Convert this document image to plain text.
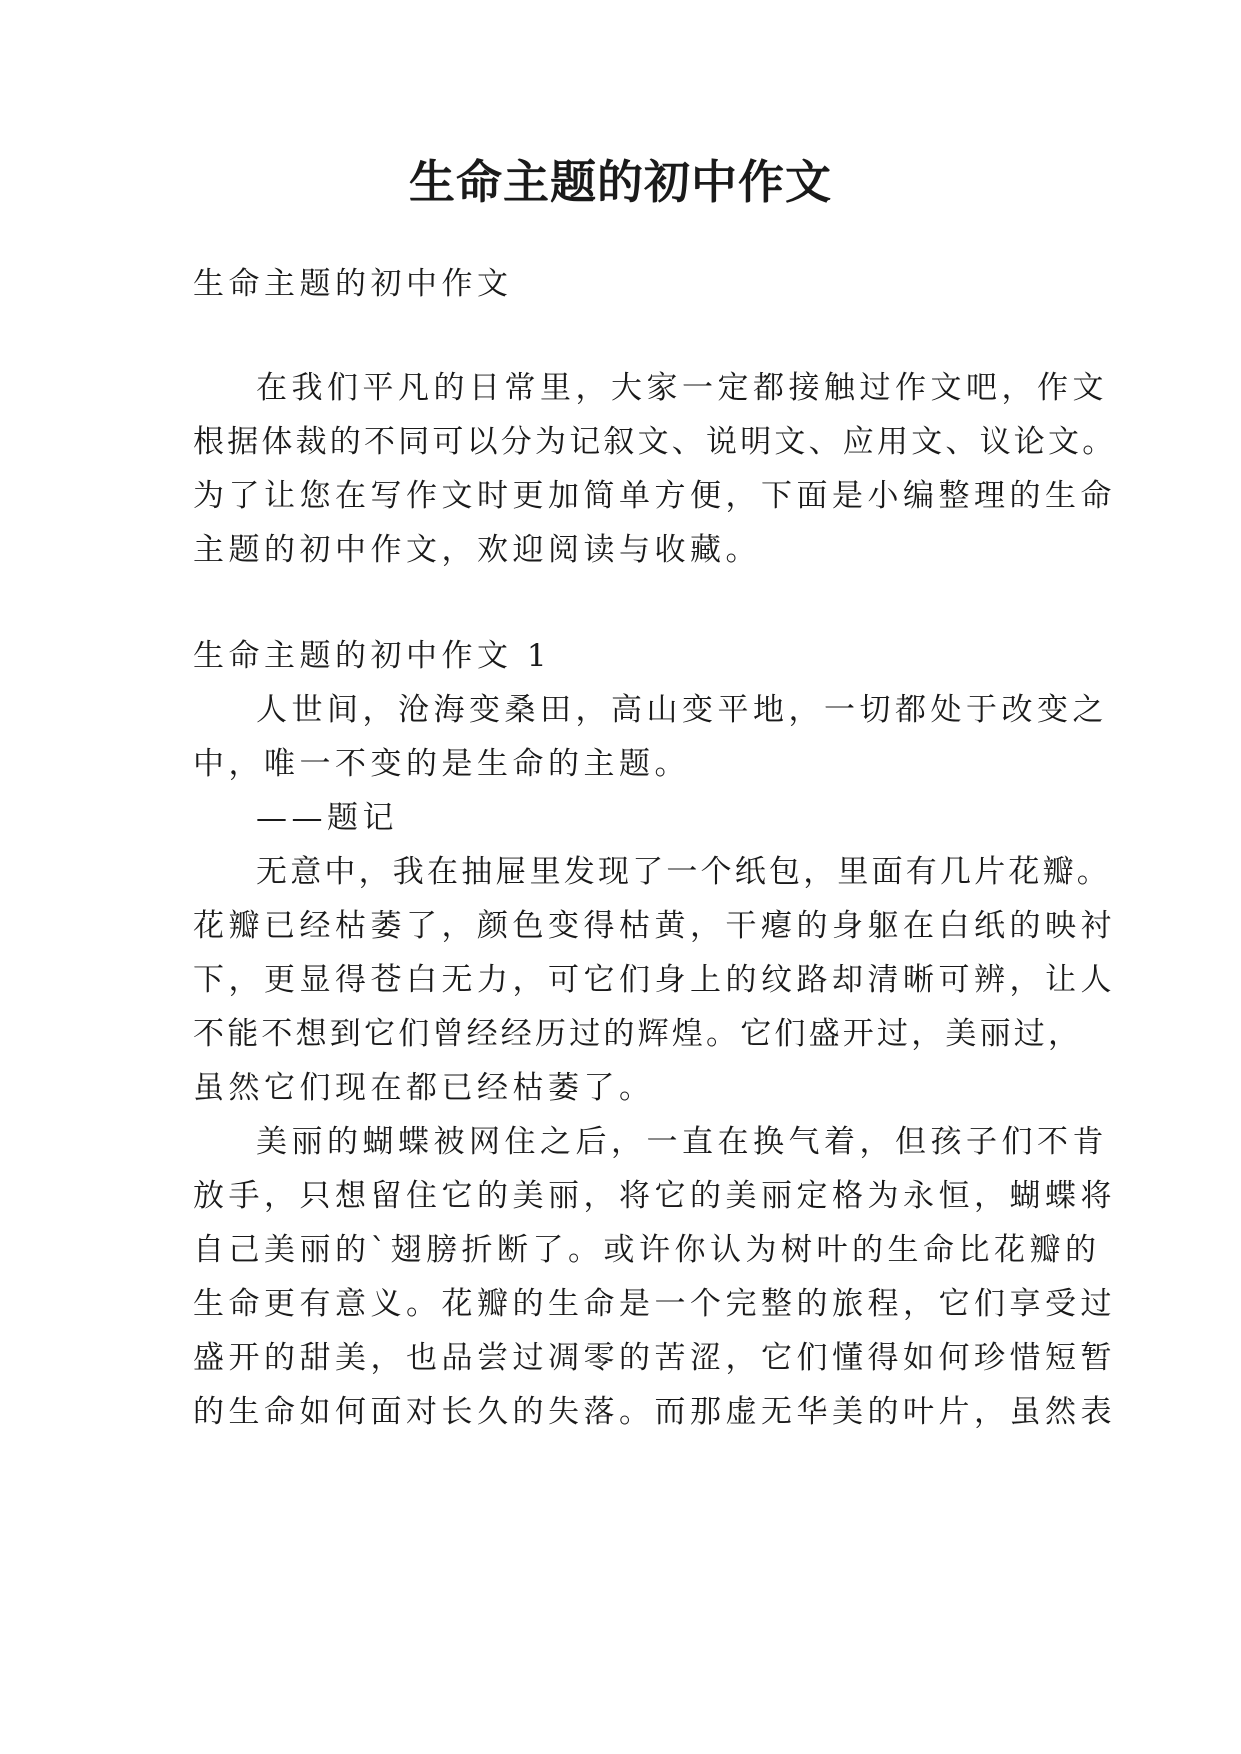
生命主题的初中作文
生命主题的初中作文
在我们平凡的日常里，大家一定都接触过作文吧，作文
根据体裁的不同可以分为记叙文、说明文、应用文、议论文。
为了让您在写作文时更加简单方便，下面是小编整理的生命
主题的初中作文，欢迎阅读与收藏。
生命主题的初中作文 1
人世间，沧海变桑田，高山变平地，一切都处于改变之
中，唯一不变的是生命的主题。
——题记
无意中，我在抽屉里发现了一个纸包，里面有几片花瓣。
花瓣已经枯萎了，颜色变得枯黄，干瘪的身躯在白纸的映衬
下，更显得苍白无力，可它们身上的纹路却清晰可辨，让人
不能不想到它们曾经经历过的辉煌。它们盛开过，美丽过，
虽然它们现在都已经枯萎了。
美丽的蝴蝶被网住之后，一直在换气着，但孩子们不肯
放手，只想留住它的美丽，将它的美丽定格为永恒，蝴蝶将
自己美丽的`翅膀折断了。或许你认为树叶的生命比花瓣的
生命更有意义。花瓣的生命是一个完整的旅程，它们享受过
盛开的甜美，也品尝过凋零的苦涩，它们懂得如何珍惜短暂
的生命如何面对长久的失落。而那虚无华美的叶片，虽然表
